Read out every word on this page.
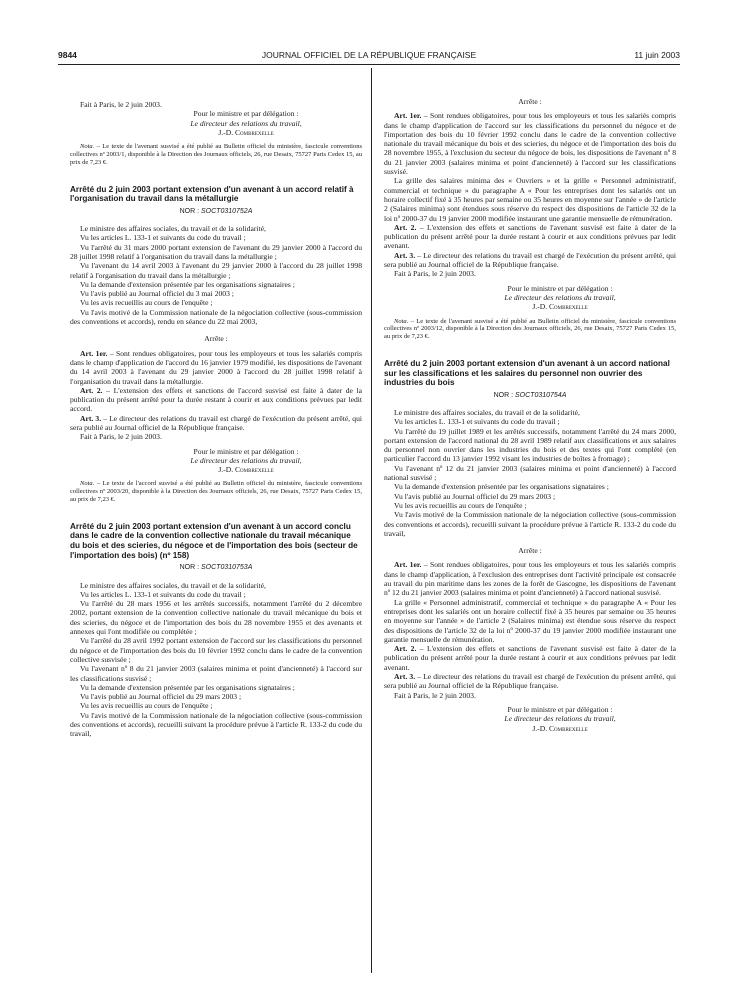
9844	JOURNAL OFFICIEL DE LA RÉPUBLIQUE FRANÇAISE	11 juin 2003

Fait à Paris, le 2 juin 2003.

Pour le ministre et par délégation :

Le directeur des relations du travail,

J.-D. Combrexelle

Nota. – Le texte de l'avenant susvisé a été publié au Bulletin officiel du ministère, fascicule conventions collectives nº 2003/1, disponible à la Direction des Journaux officiels, 26, rue Desaix, 75727 Paris Cedex 15, au prix de 7,23 €.

Arrêté du 2 juin 2003 portant extension d'un avenant à un accord relatif à l'organisation du travail dans la métallurgie

NOR : SOCT0310752A

Le ministre des affaires sociales, du travail et de la solidarité,

Vu les articles L. 133-1 et suivants du code du travail ;

Vu l'arrêté du 31 mars 2000 portant extension de l'avenant du 29 janvier 2000 à l'accord du 28 juillet 1998 relatif à l'organisation du travail dans la métallurgie ;

Vu l'avenant du 14 avril 2003 à l'avenant du 29 janvier 2000 à l'accord du 28 juillet 1998 relatif à l'organisation du travail dans la métallurgie ;

Vu la demande d'extension présentée par les organisations signataires ;

Vu l'avis publié au Journal officiel du 3 mai 2003 ;

Vu les avis recueillis au cours de l'enquête ;

Vu l'avis motivé de la Commission nationale de la négociation collective (sous-commission des conventions et accords), rendu en séance du 22 mai 2003,

Arrête :

Art. 1er. – Sont rendues obligatoires, pour tous les employeurs et tous les salariés compris dans le champ d'application de l'accord du 16 janvier 1979 modifié, les dispositions de l'avenant du 14 avril 2003 à l'avenant du 29 janvier 2000 à l'accord du 28 juillet 1998 relatif à l'organisation du travail dans la métallurgie.

Art. 2. – L'extension des effets et sanctions de l'accord susvisé est faite à dater de la publication du présent arrêté pour la durée restant à courir et aux conditions prévues par ledit accord.

Art. 3. – Le directeur des relations du travail est chargé de l'exécution du présent arrêté, qui sera publié au Journal officiel de la République française.

Fait à Paris, le 2 juin 2003.

Pour le ministre et par délégation :

Le directeur des relations du travail,

J.-D. Combrexelle

Nota. – Le texte de l'accord susvisé a été publié au Bulletin officiel du ministère, fascicule conventions collectives nº 2003/20, disponible à la Direction des Journaux officiels, 26, rue Desaix, 75727 Paris Cedex 15, au prix de 7,23 €.

Arrêté du 2 juin 2003 portant extension d'un avenant à un accord conclu dans le cadre de la convention collective nationale du travail mécanique du bois et des scieries, du négoce et de l'importation des bois (secteur de l'importation des bois) (nº 158)

NOR : SOCT0310753A

Le ministre des affaires sociales, du travail et de la solidarité,

Vu les articles L. 133-1 et suivants du code du travail ;

Vu l'arrêté du 28 mars 1956 et les arrêtés successifs, notamment l'arrêté du 2 décembre 2002, portant extension de la convention collective nationale du travail mécanique du bois et des scieries, du négoce et de l'importation des bois du 28 novembre 1955 et des avenants et annexes qui l'ont modifiée ou complétée ;

Vu l'arrêté du 28 avril 1992 portant extension de l'accord sur les classifications du personnel du négoce et de l'importation des bois du 10 février 1992 conclu dans le cadre de la convention collective susvisée ;

Vu l'avenant nº 8 du 21 janvier 2003 (salaires minima et point d'ancienneté) à l'accord sur les classifications susvisé ;

Vu la demande d'extension présentée par les organisations signataires ;

Vu l'avis publié au Journal officiel du 29 mars 2003 ;

Vu les avis recueillis au cours de l'enquête ;

Vu l'avis motivé de la Commission nationale de la négociation collective (sous-commission des conventions et accords), recueilli suivant la procédure prévue à l'article R. 133-2 du code du travail,

Arrête :

Art. 1er. – Sont rendues obligatoires, pour tous les employeurs et tous les salariés compris dans le champ d'application de l'accord sur les classifications du personnel du négoce et de l'importation des bois du 10 février 1992 conclu dans le cadre de la convention collective nationale du travail mécanique du bois et des scieries, du négoce et de l'importation des bois du 28 novembre 1955, à l'exclusion du secteur du négoce de bois, les dispositions de l'avenant nº 8 du 21 janvier 2003 (salaires minima et point d'ancienneté) à l'accord sur les classifications susvisé.

La grille des salaires minima des « Ouvriers » et la grille « Personnel administratif, commercial et technique » du paragraphe A « Pour les entreprises dont les salariés ont un horaire collectif fixé à 35 heures par semaine ou 35 heures en moyenne sur l'année » de l'article 2 (Salaires minima) sont étendues sous réserve du respect des dispositions de l'article 32 de la loi nº 2000-37 du 19 janvier 2000 modifiée instaurant une garantie mensuelle de rémunération.

Art. 2. – L'extension des effets et sanctions de l'avenant susvisé est faite à dater de la publication du présent arrêté pour la durée restant à courir et aux conditions prévues par ledit avenant.

Art. 3. – Le directeur des relations du travail est chargé de l'exécution du présent arrêté, qui sera publié au Journal officiel de la République française.

Fait à Paris, le 2 juin 2003.

Pour le ministre et par délégation :

Le directeur des relations du travail,

J.-D. Combrexelle

Nota. – Le texte de l'avenant susvisé a été publié au Bulletin officiel du ministère, fascicule conventions collectives nº 2003/12, disponible à la Direction des Journaux officiels, 26, rue Desaix, 75727 Paris Cedex 15, au prix de 7,23 €.

Arrêté du 2 juin 2003 portant extension d'un avenant à un accord national sur les classifications et les salaires du personnel non ouvrier des industries du bois

NOR : SOCT0310754A

Le ministre des affaires sociales, du travail et de la solidarité,

Vu les articles L. 133-1 et suivants du code du travail ;

Vu l'arrêté du 19 juillet 1989 et les arrêtés successifs, notamment l'arrêté du 24 mars 2000, portant extension de l'accord national du 28 avril 1989 relatif aux classifications et aux salaires du personnel non ouvrier dans les industries du bois et des textes qui l'ont complété (en particulier l'accord du 13 janvier 1992 visant les industries de boîtes à fromage) ;

Vu l'avenant nº 12 du 21 janvier 2003 (salaires minima et point d'ancienneté) à l'accord national susvisé ;

Vu la demande d'extension présentée par les organisations signataires ;

Vu l'avis publié au Journal officiel du 29 mars 2003 ;

Vu les avis recueillis au cours de l'enquête ;

Vu l'avis motivé de la Commission nationale de la négociation collective (sous-commission des conventions et accords), recueilli suivant la procédure prévue à l'article R. 133-2 du code du travail,

Arrête :

Art. 1er. – Sont rendues obligatoires, pour tous les employeurs et tous les salariés compris dans le champ d'application, à l'exclusion des entreprises dont l'activité principale est consacrée au travail du pin maritime dans les zones de la forêt de Gascogne, les dispositions de l'avenant nº 12 du 21 janvier 2003 (salaires minima et point d'ancienneté) à l'accord national susvisé.

La grille « Personnel administratif, commercial et technique » du paragraphe A « Pour les entreprises dont les salariés ont un horaire collectif fixé à 35 heures par semaine ou 35 heures en moyenne sur l'année » de l'article 2 (Salaires minima) est étendue sous réserve du respect des dispositions de l'article 32 de la loi nº 2000-37 du 19 janvier 2000 modifiée instaurant une garantie mensuelle de rémunération.

Art. 2. – L'extension des effets et sanctions de l'avenant susvisé est faite à dater de la publication du présent arrêté pour la durée restant à courir et aux conditions prévues par ledit avenant.

Art. 3. – Le directeur des relations du travail est chargé de l'exécution du présent arrêté, qui sera publié au Journal officiel de la République française.

Fait à Paris, le 2 juin 2003.

Pour le ministre et par délégation :

Le directeur des relations du travail,

J.-D. Combrexelle
